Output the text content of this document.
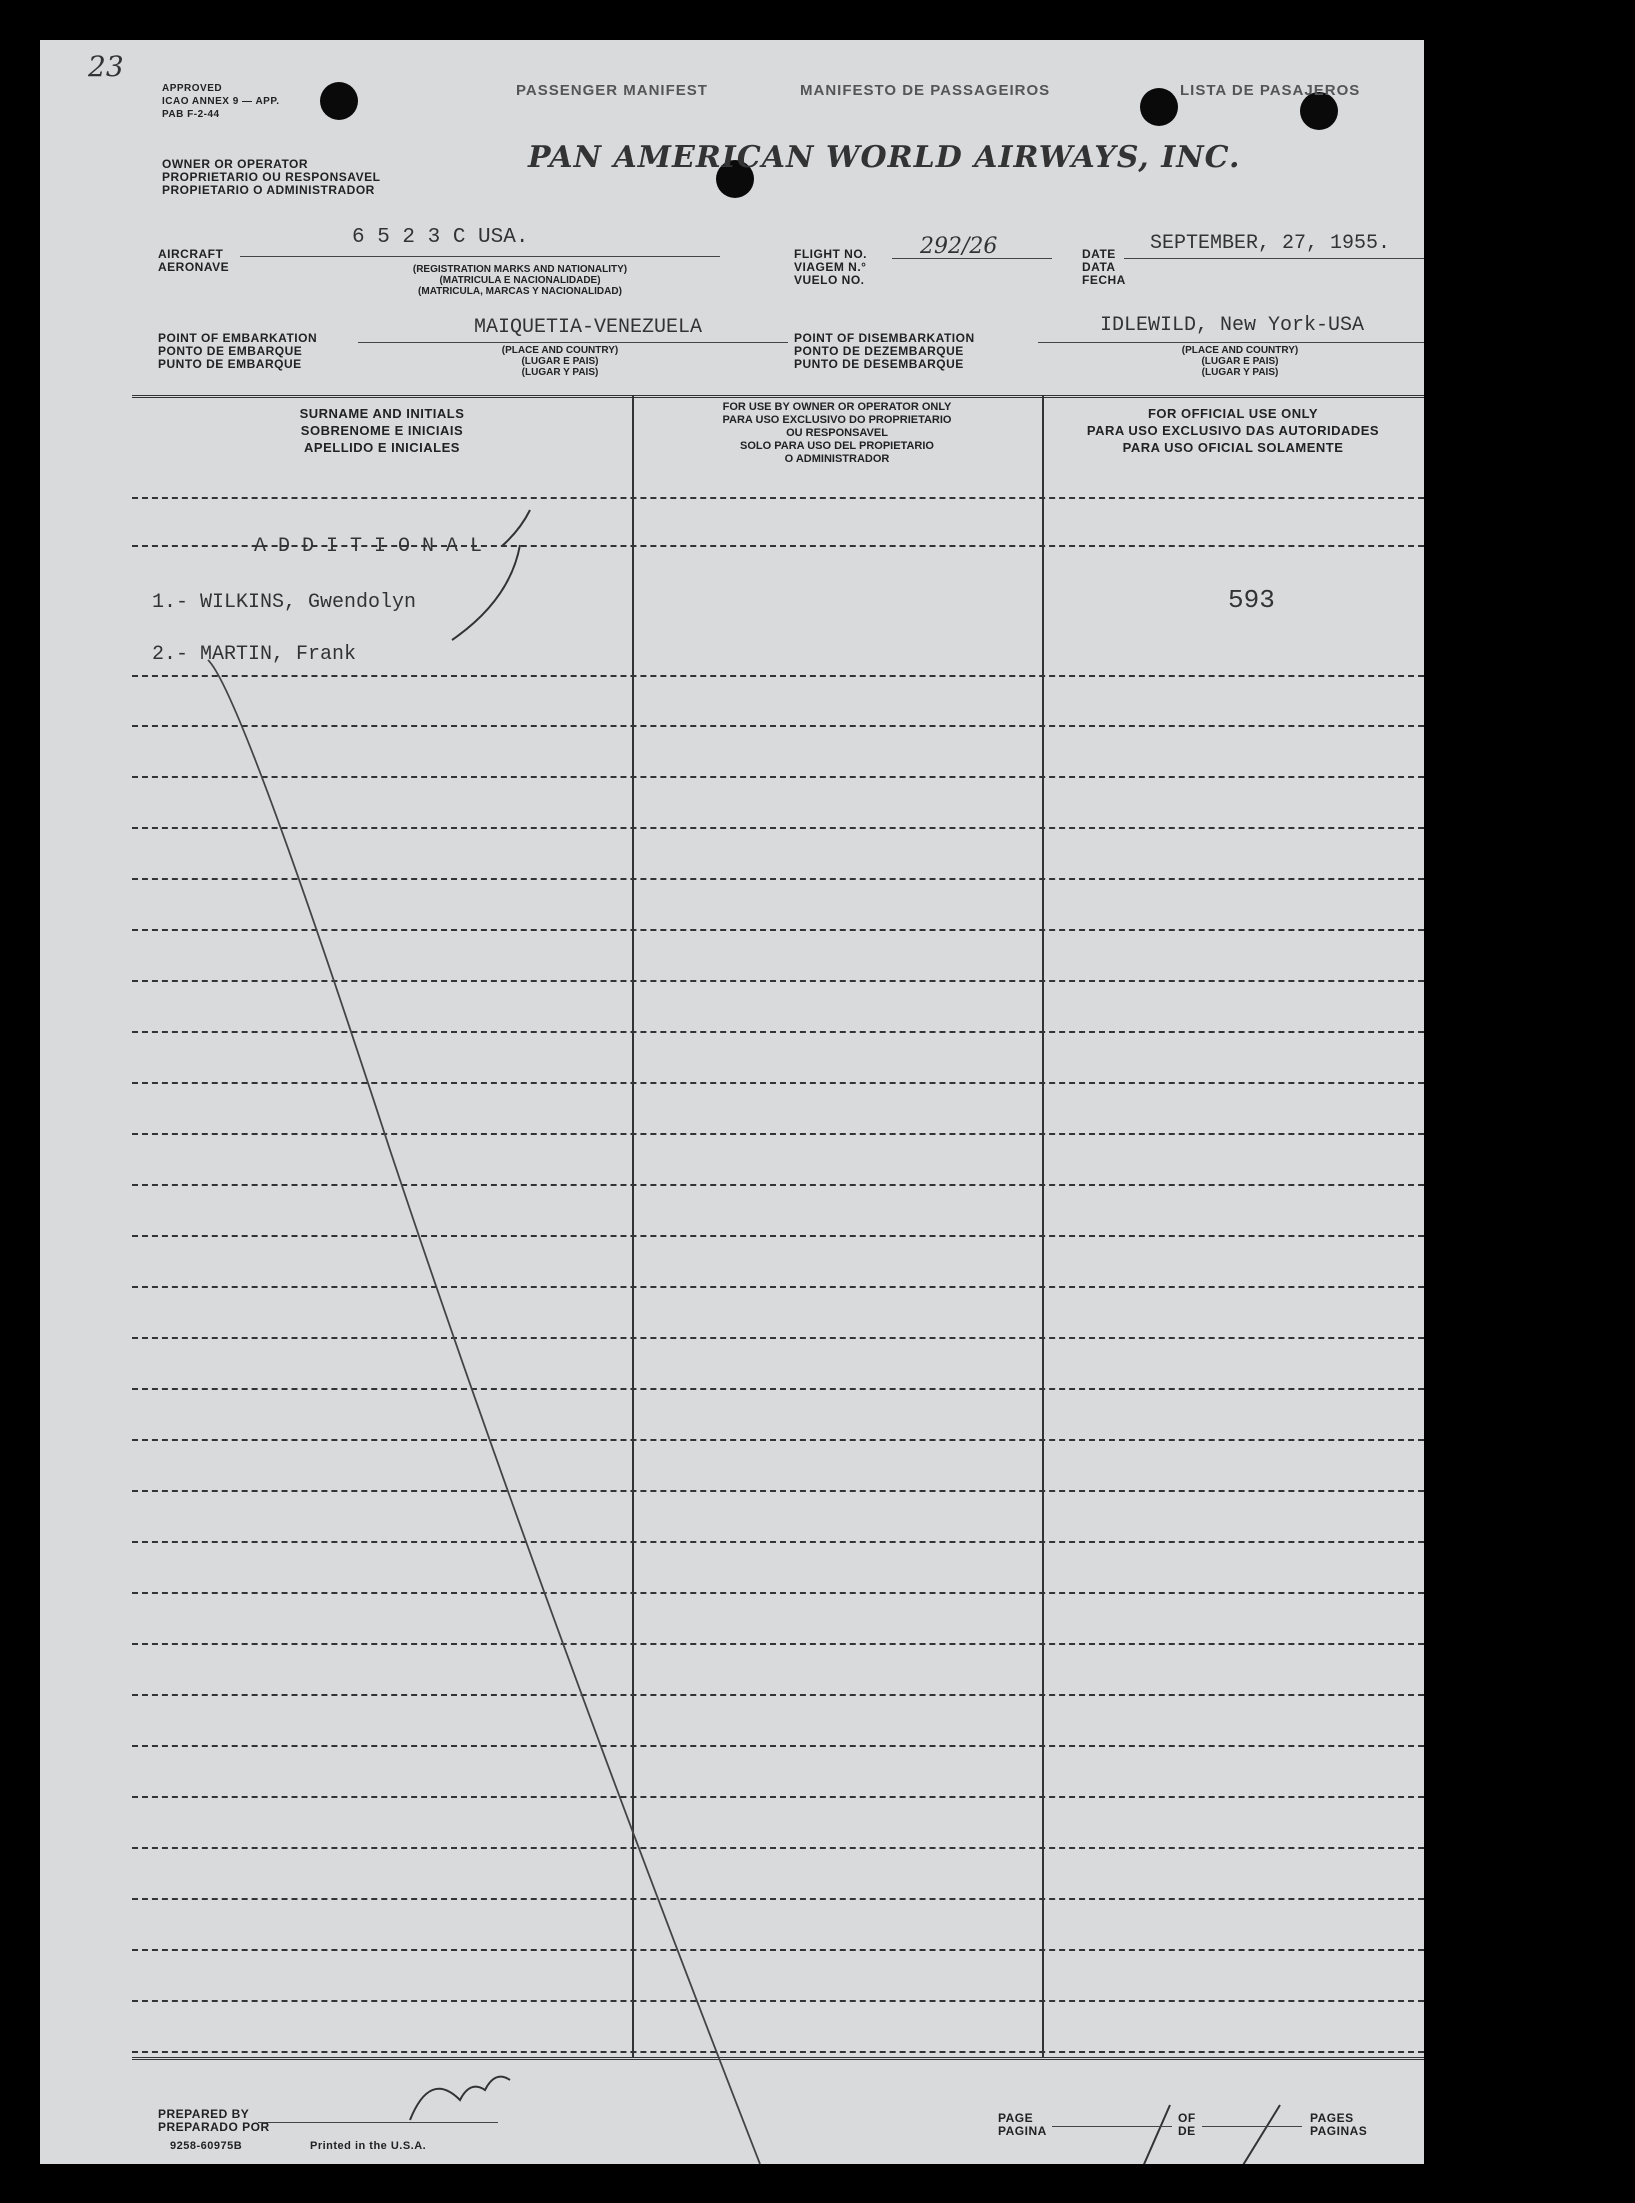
23
APPROVED
ICAO ANNEX 9 — APP.
PAB F-2-44
PASSENGER MANIFEST	MANIFESTO DE PASSAGEIROS	LISTA DE PASAJEROS
OWNER OR OPERATOR
PROPRIETARIO OU RESPONSAVEL
PROPIETARIO O ADMINISTRADOR
PAN AMERICAN WORLD AIRWAYS, INC.
AIRCRAFT
AERONAVE
6 5 2 3 C USA.
(REGISTRATION MARKS AND NATIONALITY)
(MATRICULA E NACIONALIDADE)
(MATRICULA, MARCAS Y NACIONALIDAD)
FLIGHT NO.
VIAGEM N.°
VUELO NO.
292/26	DATE
DATA
FECHA
SEPTEMBER, 27, 1955.
POINT OF EMBARKATION
PONTO DE EMBARQUE
PUNTO DE EMBARQUE
MAIQUETIA-VENEZUELA
(PLACE AND COUNTRY)
(LUGAR E PAIS)
(LUGAR Y PAIS)
POINT OF DISEMBARKATION
PONTO DE DEZEMBARQUE
PUNTO DE DESEMBARQUE
IDLEWILD, New York-USA
(PLACE AND COUNTRY)
(LUGAR E PAIS)
(LUGAR Y PAIS)
SURNAME AND INITIALS
SOBRENOME E INICIAIS
APELLIDO E INICIALES
FOR USE BY OWNER OR OPERATOR ONLY
PARA USO EXCLUSIVO DO PROPRIETARIO
OU RESPONSAVEL
SOLO PARA USO DEL PROPIETARIO
O ADMINISTRADOR
FOR OFFICIAL USE ONLY
PARA USO EXCLUSIVO DAS AUTORIDADES
PARA USO OFICIAL SOLAMENTE
A D D I T I O N A L
1.- WILKINS, Gwendolyn	593
2.- MARTIN, Frank
PREPARED BY
PREPARADO POR
9258-60975B	Printed in the U.S.A.
PAGE
PAGINA
OF
DE
PAGES
PAGINAS
